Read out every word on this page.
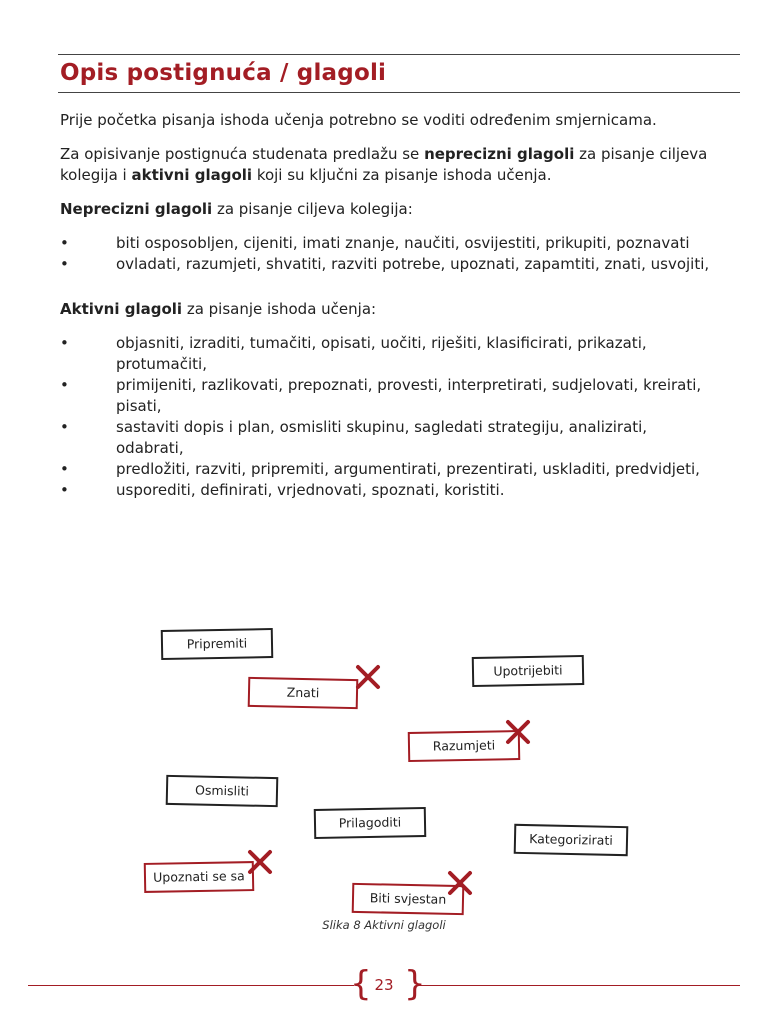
Opis postignuća / glagoli

Prije početka pisanja ishoda učenja potrebno se voditi određenim smjernicama.

Za opisivanje postignuća studenata predlažu se neprecizni glagoli za pisanje ciljeva kolegija i aktivni glagoli koji su ključni za pisanje ishoda učenja.

Neprecizni glagoli za pisanje ciljeva kolegija:

•	biti osposobljen, cijeniti, imati znanje, naučiti, osvijestiti, prikupiti, poznavati
•	ovladati, razumjeti, shvatiti, razviti potrebe, upoznati, zapamtiti, znati, usvojiti,

Aktivni glagoli za pisanje ishoda učenja:

•	objasniti, izraditi, tumačiti, opisati, uočiti, riješiti, klasificirati, prikazati, protumačiti,
•	primijeniti, razlikovati, prepoznati, provesti, interpretirati, sudjelovati, kreirati, pisati,
•	sastaviti dopis i plan, osmisliti skupinu, sagledati strategiju, analizirati, odabrati,
•	predložiti, razviti, pripremiti, argumentirati, prezentirati, uskladiti, predvidjeti,
•	usporediti, definirati, vrjednovati, spoznati, koristiti.
Pripremiti
Znati
Upotrijebiti
Razumjeti
Osmisliti
Prilagoditi
Kategorizirati
Upoznati se sa
Biti svjestan
Slika 8 Aktivni glagoli
{ }
23
